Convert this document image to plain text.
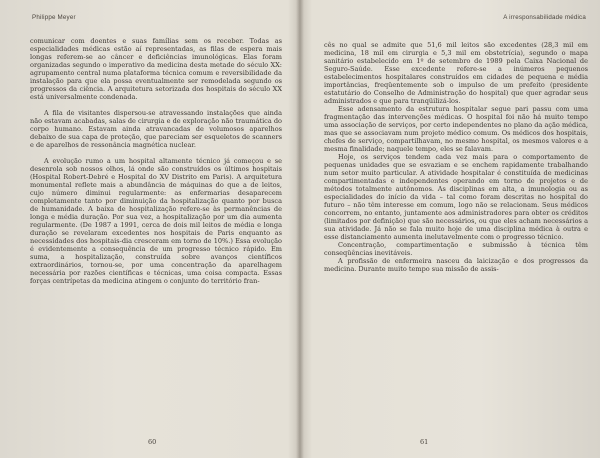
Philippe Meyer

comunicar com doentes e suas famílias sem os receber. Todas as especialidades médicas estão aí representadas, as filas de espera mais longas referem-se ao câncer e deficiências imunológicas. Elas foram organizadas segundo o imperativo da medicina desta metade do século XX: agrupamento central numa plataforma técnica comum e reversibilidade da instalação para que ela possa eventualmente ser remodelada segundo os progressos da ciência. A arquitetura setorizada dos hospitais do século XX está universalmente condenada.

A fila de visitantes dispersou-se atravessando instalações que ainda não estavam acabadas, salas de cirurgia e de exploração não traumática do corpo humano. Estavam ainda atravancadas de volumosos aparelhos debaixo de sua capa de proteção, que pareciam ser esqueletos de scanners e de aparelhos de ressonância magnética nuclear.

A evolução rumo a um hospital altamente técnico já começou e se desenrola sob nossos olhos, lá onde são construídos os últimos hospitais (Hospital Robert-Debré e Hospital do XV Distrito em Paris). A arquitetura monumental reflete mais a abundância de máquinas do que a de leitos, cujo número diminui regularmente: as enfermarias desaparecem completamente tanto por diminuição da hospitalização quanto por busca de humanidade. A baixa de hospitalização refere-se às permanências de longa e média duração. Por sua vez, a hospitalização por um dia aumenta regularmente. (De 1987 a 1991, cerca de dois mil leitos de média e longa duração se revelaram excedentes nos hospitais de Paris enquanto as necessidades dos hospitais-dia cresceram em torno de 10%.) Essa evolução é evidentemente a consequência de um progresso técnico rápido. Em suma, a hospitalização, construída sobre avanços científicos extraordinários, tornou-se, por uma concentração da aparelhagem necessária por razões científicas e técnicas, uma coisa compacta. Essas forças centrípetas da medicina atingem o conjunto do território fran-

60
A irresponsabilidade médica

cês no qual se admite que 51,6 mil leitos são excedentes (28,3 mil em medicina, 18 mil em cirurgia e 5,3 mil em obstetrícia), segundo o mapa sanitário estabelecido em 1º de setembro de 1989 pela Caixa Nacional de Seguro-Saúde. Esse excedente refere-se a inúmeros pequenos estabelecimentos hospitalares construídos em cidades de pequena e média importâncias, freqüentemente sob o impulso de um prefeito (presidente estatutário do Conselho de Administração do hospital) que quer agradar seus administrados e que para tranqüilizá-los.

Esse adensamento da estrutura hospitalar segue pari passu com uma fragmentação das intervenções médicas. O hospital foi não há muito tempo uma associação de serviços, por certo independentes no plano da ação médica, mas que se associavam num projeto médico comum. Os médicos dos hospitais, chefes de serviço, compartilhavam, no mesmo hospital, os mesmos valores e a mesma finalidade; naquele tempo, eles se falavam.

Hoje, os serviços tendem cada vez mais para o comportamento de pequenas unidades que se esvaziam e se enchem rapidamente trabalhando num setor muito particular. A atividade hospitalar é constituída de medicinas compartimentadas e independentes operando em torno de projetos e de métodos totalmente autônomos. As disciplinas em alta, a imunologia ou as especialidades do início da vida – tal como foram descritas no hospital do futuro – não têm interesse em comum, logo não se relacionam. Seus médicos concorrem, no entanto, juntamente aos administradores para obter os créditos (limitados por definição) que são necessários, ou que eles acham necessários a sua atividade. Já não se fala muito hoje de uma disciplina médica à outra e esse distanciamento aumenta inelutavelmente com o progresso técnico.

Concentração, compartimentação e submissão à técnica têm conseqüências inevitáveis.

A profissão de enfermeira nasceu da laicização e dos progressos da medicina. Durante muito tempo sua missão de assis-

61
